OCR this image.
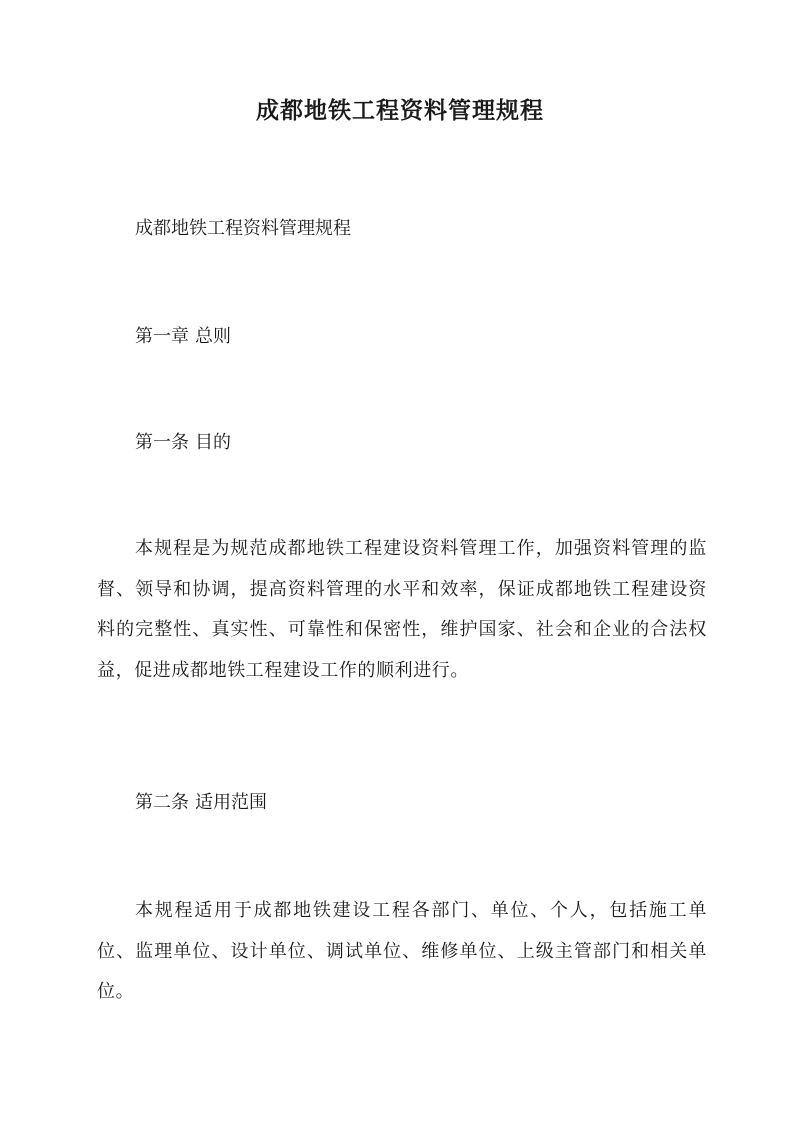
成都地铁工程资料管理规程

成都地铁工程资料管理规程

第一章 总则

第一条 目的

本规程是为规范成都地铁工程建设资料管理工作，加强资料管理的监督、领导和协调，提高资料管理的水平和效率，保证成都地铁工程建设资料的完整性、真实性、可靠性和保密性，维护国家、社会和企业的合法权益，促进成都地铁工程建设工作的顺利进行。

第二条 适用范围

本规程适用于成都地铁建设工程各部门、单位、个人，包括施工单位、监理单位、设计单位、调试单位、维修单位、上级主管部门和相关单位。
